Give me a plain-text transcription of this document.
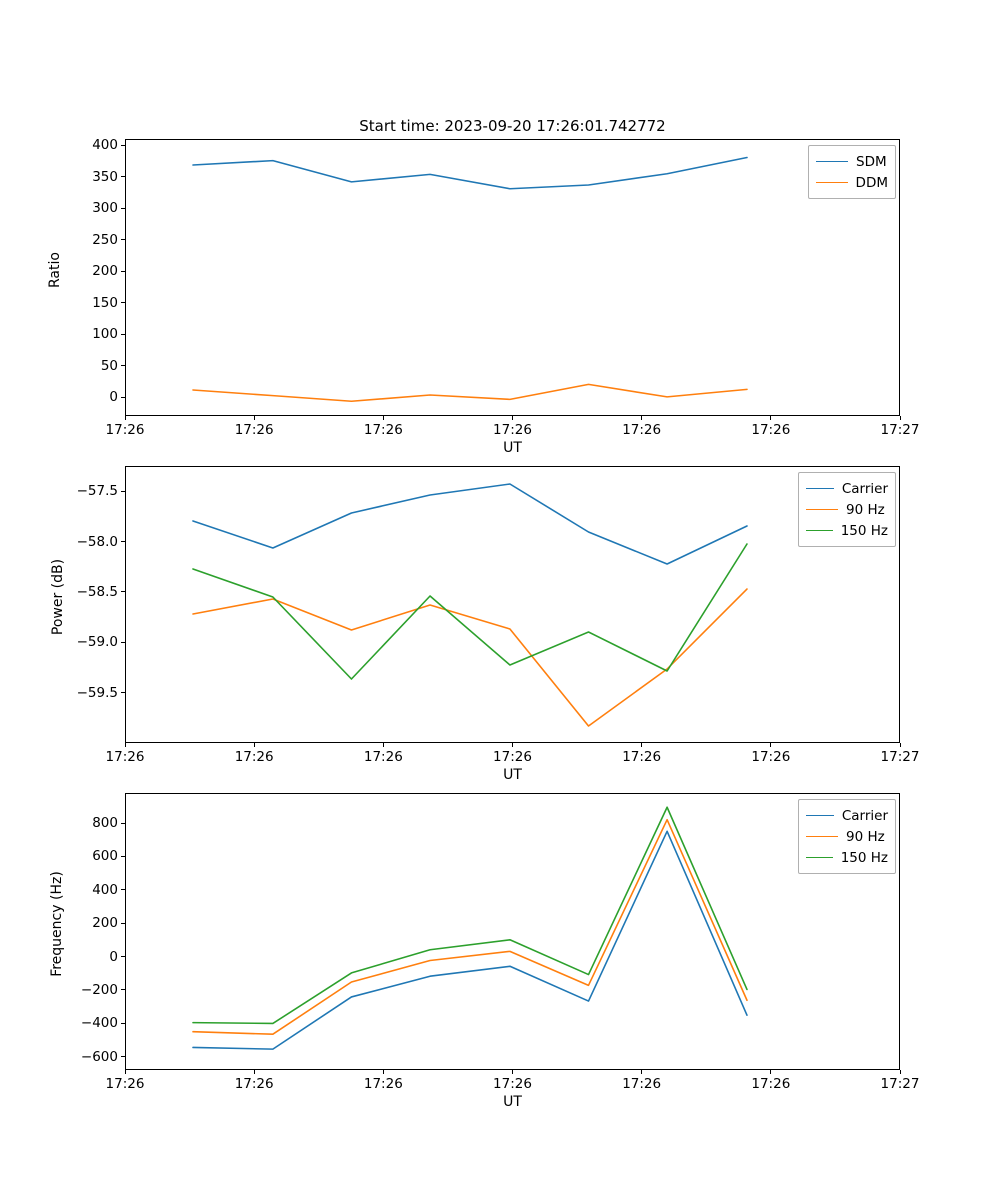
Start time: 2023-09-20 17:26:01.742772
Ratio
UT
17:26	17:26	17:26	17:26	17:26	17:26	17:27
0
50
100
150
200
250
300
350
400
SDM
DDM
Power (dB)
UT
17:26	17:26	17:26	17:26	17:26	17:26	17:27
−59.5
−59.0
−58.5
−58.0
−57.5	Carrier
90 Hz
150 Hz
Frequency (Hz)
UT
17:26	17:26	17:26	17:26	17:26	17:26	17:27
−600
−400
−200
0
200
400
600
800	Carrier
90 Hz
150 Hz
